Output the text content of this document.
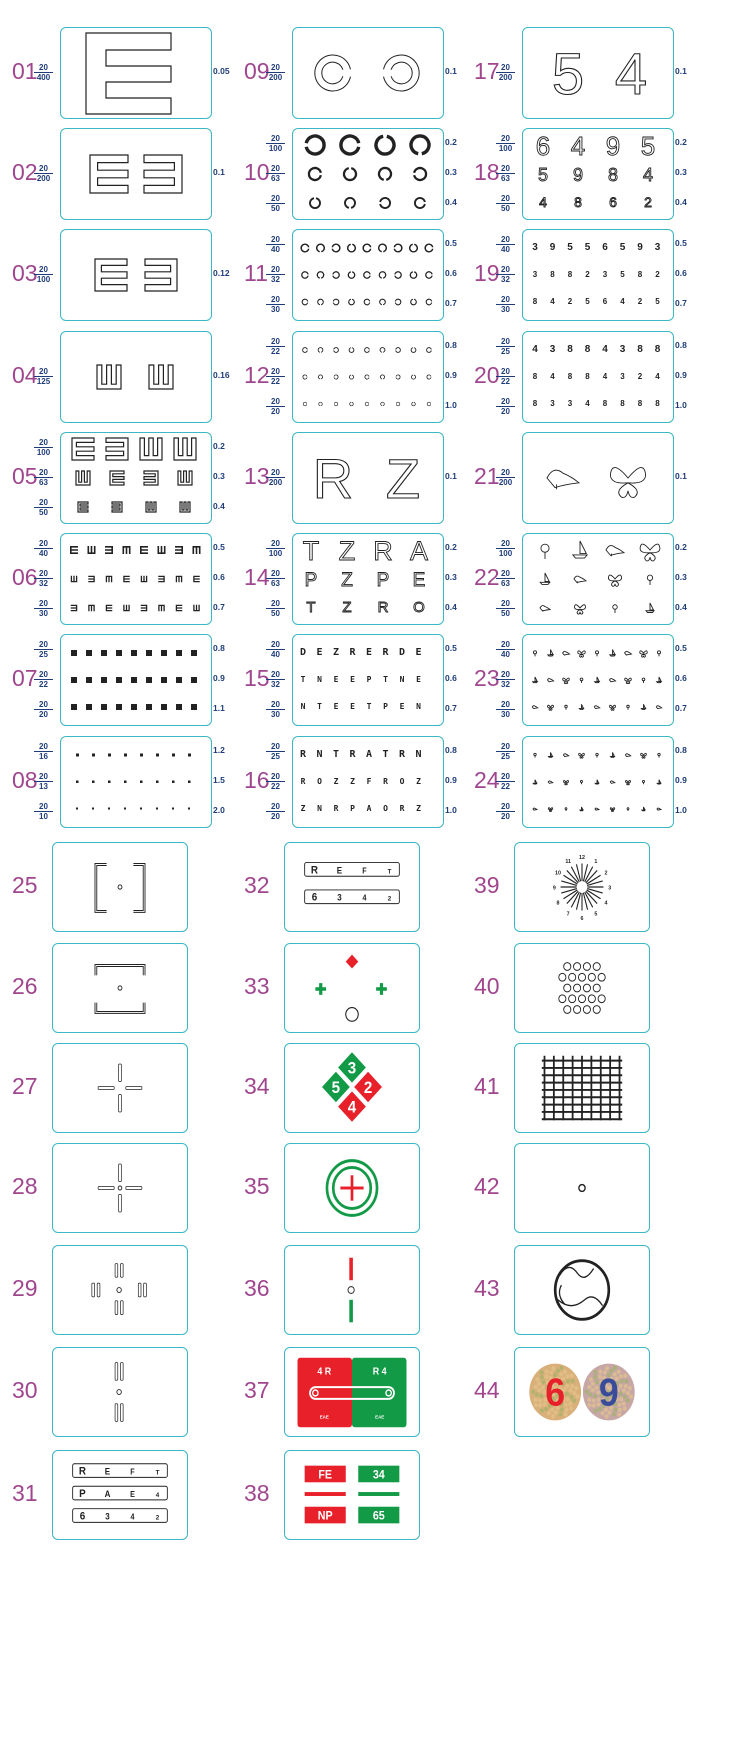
01 20
400
0.05
02 20
200
0.1
03 20
100
0.12
04 20
125
0.16
05
20
100
20
63
20
50
0.2
0.3
0.4
06
20
40
20
32
20
30
0.5
0.6
0.7
07
20
25
20
22
20
20
0.8
0.9
1.1
08
20
16
20
13
20
10
1.2
1.5
2.0
09 20
200
0.1
10
20
100
20
63
20
50
0.2
0.3
0.4
11
20
40
20
32
20
30
0.5
0.6
0.7
12
20
22
20
22
20
20
0.8
0.9
1.0
13 R Z
20
200
0.1
14
T Z R A
P Z P E
T Z R O
20
100
20
63
20
50
0.2
0.3
0.4
15
D E Z R E R D E
T N E E P T N E
N T E E T P E N
20
40
20
32
20
30
0.5
0.6
0.7
16
R N T R A T R N
R O Z Z F R O Z
Z N R P A O R Z
20
25
20
22
20
20
0.8
0.9
1.0
17 5 4
20
200
0.1
18
6 4 9 5
5 9 8 4
4 8 6 2
20
100
20
63
20
50
0.2
0.3
0.4
19
3 9 5 5 6 5 9 3
3 8 8 2 3 5 8 2
8 4 2 5 6 4 2 5
20
40
20
32
20
30
0.5
0.6
0.7
20
4 3 8 8 4 3 8 8
8 4 8 8 4 3 2 4
8 3 3 4 8 8 8 8
20
25
20
22
20
20
0.8
0.9
1.0
21 20
200
0.1
22
20
100
20
63
20
50
0.2
0.3
0.4
23
20
40
20
32
20
30
0.5
0.6
0.7
24
20
25
20
22
20
20
0.8
0.9
1.0
25
26
27
28
29
30
31
R E	F	T
P A E	4
6 3	4	2
32
R E	F	T
6 3	4	2
33
34
3
5 2
4
35
36
37
4 R	R 4
EAE	EAE
38
FE	34
NP	65
39
12
1
2
3
4
5
6
7
8
9
10
11
40
41
42
43
44 6 9
